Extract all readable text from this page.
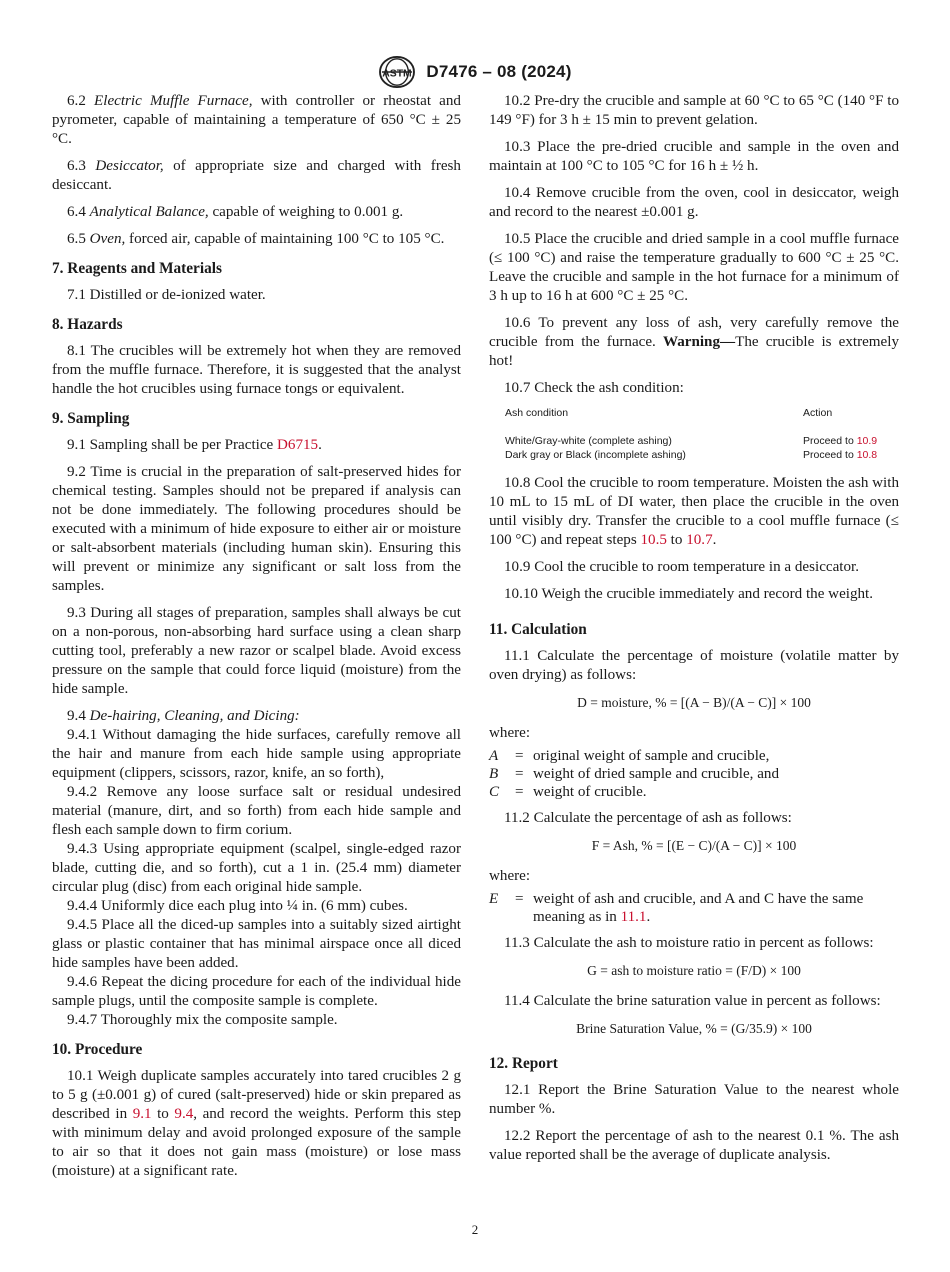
ASTM D7476 – 08 (2024)

6.2 Electric Muffle Furnace, with controller or rheostat and pyrometer, capable of maintaining a temperature of 650 °C ± 25 °C.

6.3 Desiccator, of appropriate size and charged with fresh desiccant.

6.4 Analytical Balance, capable of weighing to 0.001 g.

6.5 Oven, forced air, capable of maintaining 100 °C to 105 °C.

7. Reagents and Materials

7.1 Distilled or de-ionized water.

8. Hazards

8.1 The crucibles will be extremely hot when they are removed from the muffle furnace. Therefore, it is suggested that the analyst handle the hot crucibles using furnace tongs or equivalent.

9. Sampling

9.1 Sampling shall be per Practice D6715.

9.2 Time is crucial in the preparation of salt-preserved hides for chemical testing. Samples should not be prepared if analysis can not be done immediately. The following procedures should be executed with a minimum of hide exposure to either air or moisture or salt-absorbent materials (including human skin). Ensuring this will prevent or minimize any significant or salt loss from the samples.

9.3 During all stages of preparation, samples shall always be cut on a non-porous, non-absorbing hard surface using a clean sharp cutting tool, preferably a new razor or scalpel blade. Avoid excess pressure on the sample that could force liquid (moisture) from the hide sample.

9.4 De-hairing, Cleaning, and Dicing:

9.4.1 Without damaging the hide surfaces, carefully remove all the hair and manure from each hide sample using appropriate equipment (clippers, scissors, razor, knife, an so forth),

9.4.2 Remove any loose surface salt or residual undesired material (manure, dirt, and so forth) from each hide sample and flesh each sample down to firm corium.

9.4.3 Using appropriate equipment (scalpel, single-edged razor blade, cutting die, and so forth), cut a 1 in. (25.4 mm) diameter circular plug (disc) from each original hide sample.

9.4.4 Uniformly dice each plug into ¼ in. (6 mm) cubes.

9.4.5 Place all the diced-up samples into a suitably sized airtight glass or plastic container that has minimal airspace once all diced hide samples have been added.

9.4.6 Repeat the dicing procedure for each of the individual hide sample plugs, until the composite sample is complete.

9.4.7 Thoroughly mix the composite sample.

10. Procedure

10.1 Weigh duplicate samples accurately into tared crucibles 2 g to 5 g (±0.001 g) of cured (salt-preserved) hide or skin prepared as described in 9.1 to 9.4, and record the weights. Perform this step with minimum delay and avoid prolonged exposure of the sample to air so that it does not gain mass (moisture) or lose mass (moisture) at a significant rate.

10.2 Pre-dry the crucible and sample at 60 °C to 65 °C (140 °F to 149 °F) for 3 h ± 15 min to prevent gelation.

10.3 Place the pre-dried crucible and sample in the oven and maintain at 100 °C to 105 °C for 16 h ± ½ h.

10.4 Remove crucible from the oven, cool in desiccator, weigh and record to the nearest ±0.001 g.

10.5 Place the crucible and dried sample in a cool muffle furnace (≤ 100 °C) and raise the temperature gradually to 600 °C ± 25 °C. Leave the crucible and sample in the hot furnace for a minimum of 3 h up to 16 h at 600 °C ± 25 °C.

10.6 To prevent any loss of ash, very carefully remove the crucible from the furnace. Warning—The crucible is extremely hot!

10.7 Check the ash condition:

Ash condition	Action
White/Gray-white (complete ashing)	Proceed to 10.9
Dark gray or Black (incomplete ashing)	Proceed to 10.8

10.8 Cool the crucible to room temperature. Moisten the ash with 10 mL to 15 mL of DI water, then place the crucible in the oven until visibly dry. Transfer the crucible to a cool muffle furnace (≤ 100 °C) and repeat steps 10.5 to 10.7.

10.9 Cool the crucible to room temperature in a desiccator.

10.10 Weigh the crucible immediately and record the weight.

11. Calculation

11.1 Calculate the percentage of moisture (volatile matter by oven drying) as follows:

D = moisture, % = [(A − B)/(A − C)] × 100

where:

A	= original weight of sample and crucible,
B	= weight of dried sample and crucible, and
C	= weight of crucible.

11.2 Calculate the percentage of ash as follows:

F = Ash, % = [(E − C)/(A − C)] × 100

where:

E	= weight of ash and crucible, and A and C have the same meaning as in 11.1.

11.3 Calculate the ash to moisture ratio in percent as follows:

G = ash to moisture ratio = (F/D) × 100

11.4 Calculate the brine saturation value in percent as follows:

Brine Saturation Value, % = (G/35.9) × 100
12. Report

12.1 Report the Brine Saturation Value to the nearest whole number %.

12.2 Report the percentage of ash to the nearest 0.1 %. The ash value reported shall be the average of duplicate analysis.

2
